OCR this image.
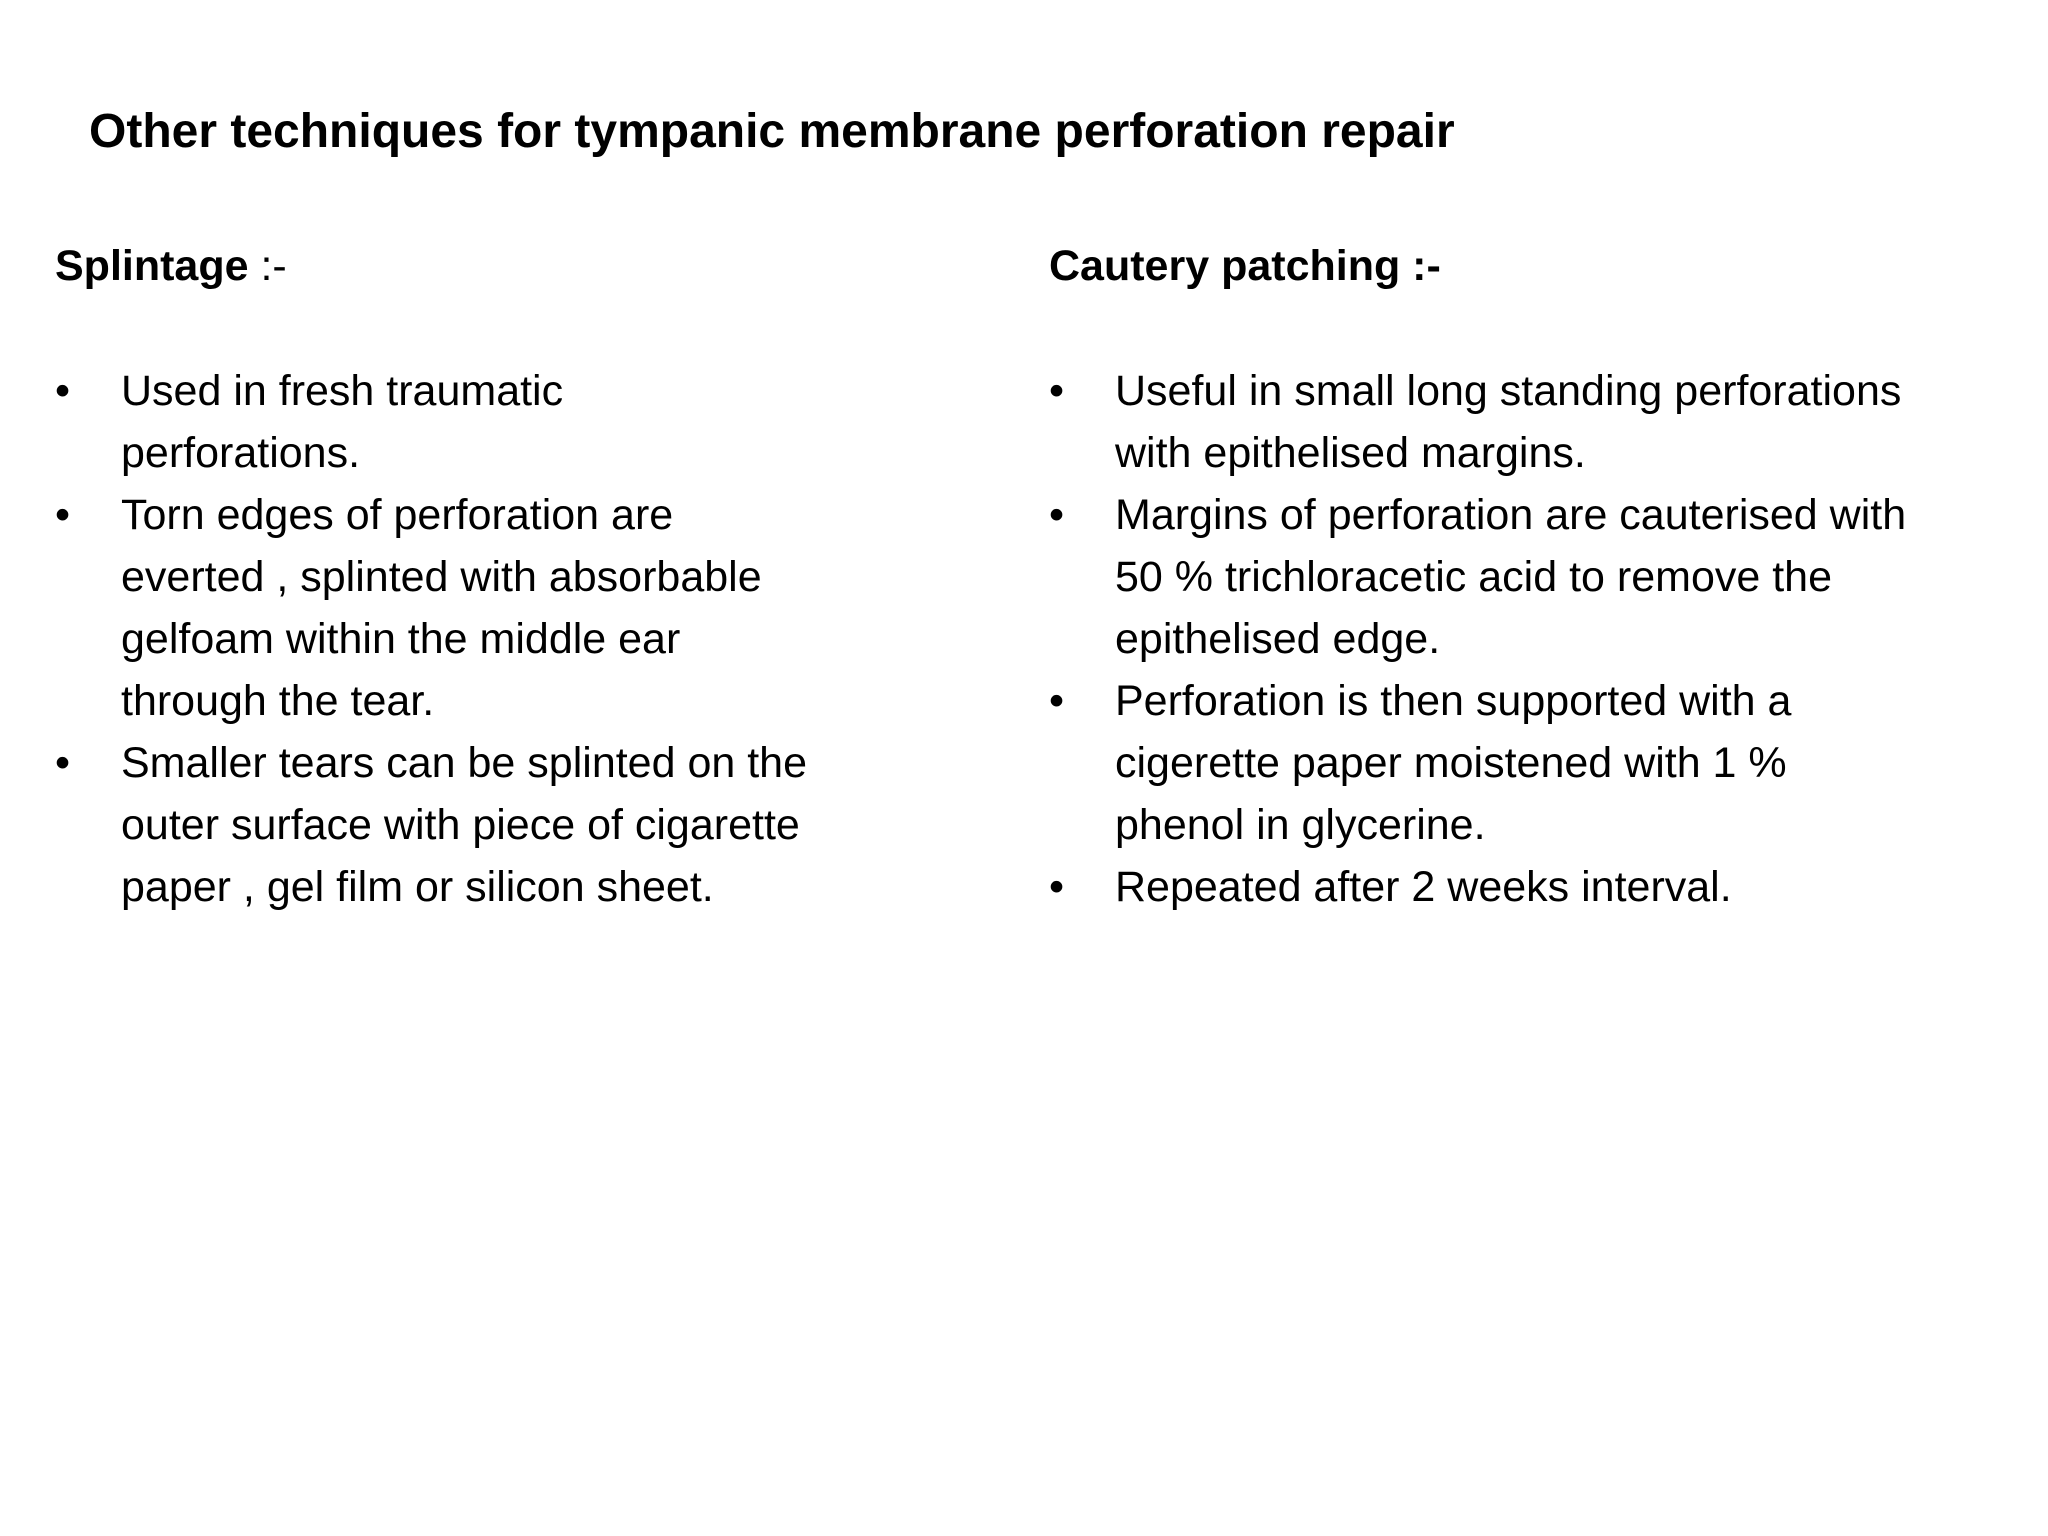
Other techniques for tympanic membrane perforation repair

Splintage :-

•	Used in fresh traumatic
perforations.
•	Torn edges of perforation are
everted , splinted with absorbable
gelfoam within the middle ear
through the tear.
•	Smaller tears can be splinted on the
outer surface with piece of cigarette
paper , gel film or silicon sheet.

Cautery patching :-

•	Useful in small long standing perforations
with epithelised margins.
•	Margins of perforation are cauterised with
50 % trichloracetic acid to remove the
epithelised edge.
•	Perforation is then supported with a
cigerette paper moistened with 1 %
phenol in glycerine.
•	Repeated after 2 weeks interval.
